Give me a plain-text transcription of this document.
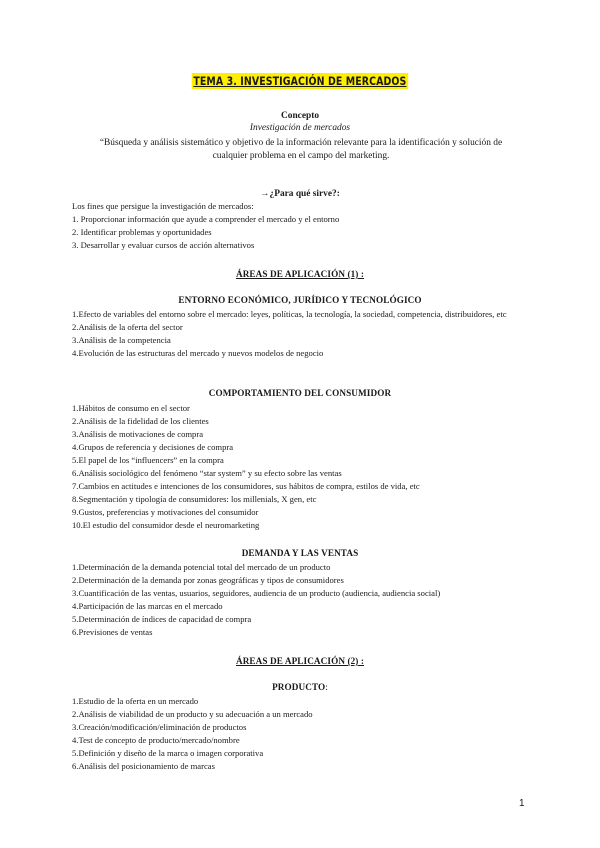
TEMA 3. INVESTIGACIÓN DE MERCADOS
Concepto
Investigación de mercados
“Búsqueda y análisis sistemático y objetivo de la información relevante para la identificación y solución de cualquier problema en el campo del marketing.
→¿Para qué sirve?:
Los fines que persigue la investigación de mercados:
1. Proporcionar información que ayude a comprender el mercado y el entorno
2. Identificar problemas y oportunidades
3. Desarrollar y evaluar cursos de acción alternativos
ÁREAS DE APLICACIÓN (1) :
ENTORNO ECONÓMICO, JURÍDICO Y TECNOLÓGICO
1.Efecto de variables del entorno sobre el mercado: leyes, políticas, la tecnología, la sociedad, competencia, distribuidores, etc
2.Análisis de la oferta del sector
3.Análisis de la competencia
4.Evolución de las estructuras del mercado y nuevos modelos de negocio
COMPORTAMIENTO DEL CONSUMIDOR
1.Hábitos de consumo en el sector
2.Análisis de la fidelidad de los clientes
3.Análisis de motivaciones de compra
4.Grupos de referencia y decisiones de compra
5.El papel de los “influencers” en la compra
6.Análisis sociológico del fenómeno “star system” y su efecto sobre las ventas
7.Cambios en actitudes e intenciones de los consumidores, sus hábitos de compra, estilos de vida, etc
8.Segmentación y tipología de consumidores: los millenials, X gen, etc
9.Gustos, preferencias y motivaciones del consumidor
10.El estudio del consumidor desde el neuromarketing
DEMANDA Y LAS VENTAS
1.Determinación de la demanda potencial total del mercado de un producto
2.Determinación de la demanda por zonas geográficas y tipos de consumidores
3.Cuantificación de las ventas, usuarios, seguidores, audiencia de un producto (audiencia, audiencia social)
4.Participación de las marcas en el mercado
5.Determinación de índices de capacidad de compra
6.Previsiones de ventas
ÁREAS DE APLICACIÓN (2) :
PRODUCTO:
1.Estudio de la oferta en un mercado
2.Análisis de viabilidad de un producto y su adecuación a un mercado
3.Creación/modificación/eliminación de productos
4.Test de concepto de producto/mercado/nombre
5.Definición y diseño de la marca o imagen corporativa
6.Análisis del posicionamiento de marcas
1
